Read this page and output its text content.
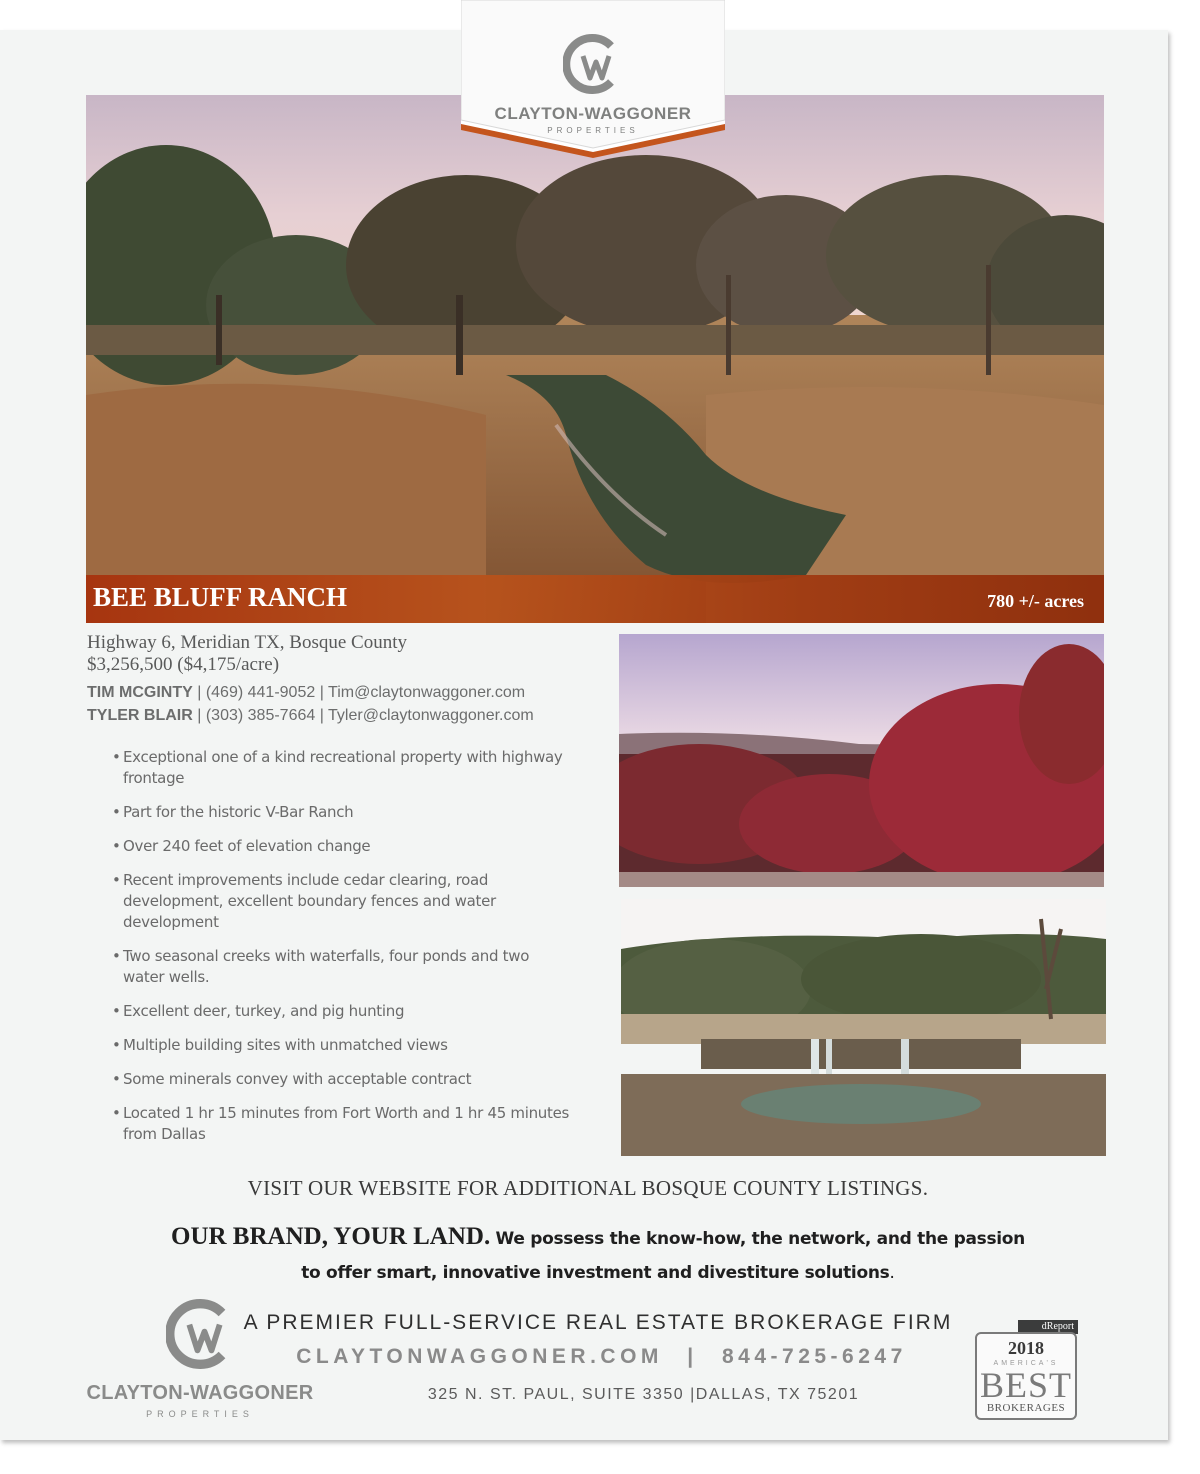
CLAYTON-WAGGONER
PROPERTIES
BEE BLUFF RANCH	780 +/- acres
Highway 6, Meridian TX, Bosque County
$3,256,500 ($4,175/acre)
TIM MCGINTY | (469) 441-9052 | Tim@claytonwaggoner.com
TYLER BLAIR | (303) 385-7664 | Tyler@claytonwaggoner.com
• Exceptional one of a kind recreational property with highway frontage
• Part for the historic V-Bar Ranch
• Over 240 feet of elevation change
• Recent improvements include cedar clearing, road development, excellent boundary fences and water development
• Two seasonal creeks with waterfalls, four ponds and two water wells.
• Excellent deer, turkey, and pig hunting
• Multiple building sites with unmatched views
• Some minerals convey with acceptable contract
• Located 1 hr 15 minutes from Fort Worth and 1 hr 45 minutes from Dallas
VISIT OUR WEBSITE FOR ADDITIONAL BOSQUE COUNTY LISTINGS.
OUR BRAND, YOUR LAND. We possess the know-how, the network, and the passion
to offer smart, innovative investment and divestiture solutions.
A PREMIER FULL-SERVICE REAL ESTATE BROKERAGE FIRM
CLAYTONWAGGONER.COM | 844-725-6247
325 N. ST. PAUL, SUITE 3350 |DALLAS, TX 75201
CLAYTON-WAGGONER
PROPERTIES
dReport
2018
AMERICA'S
BEST
BROKERAGES
